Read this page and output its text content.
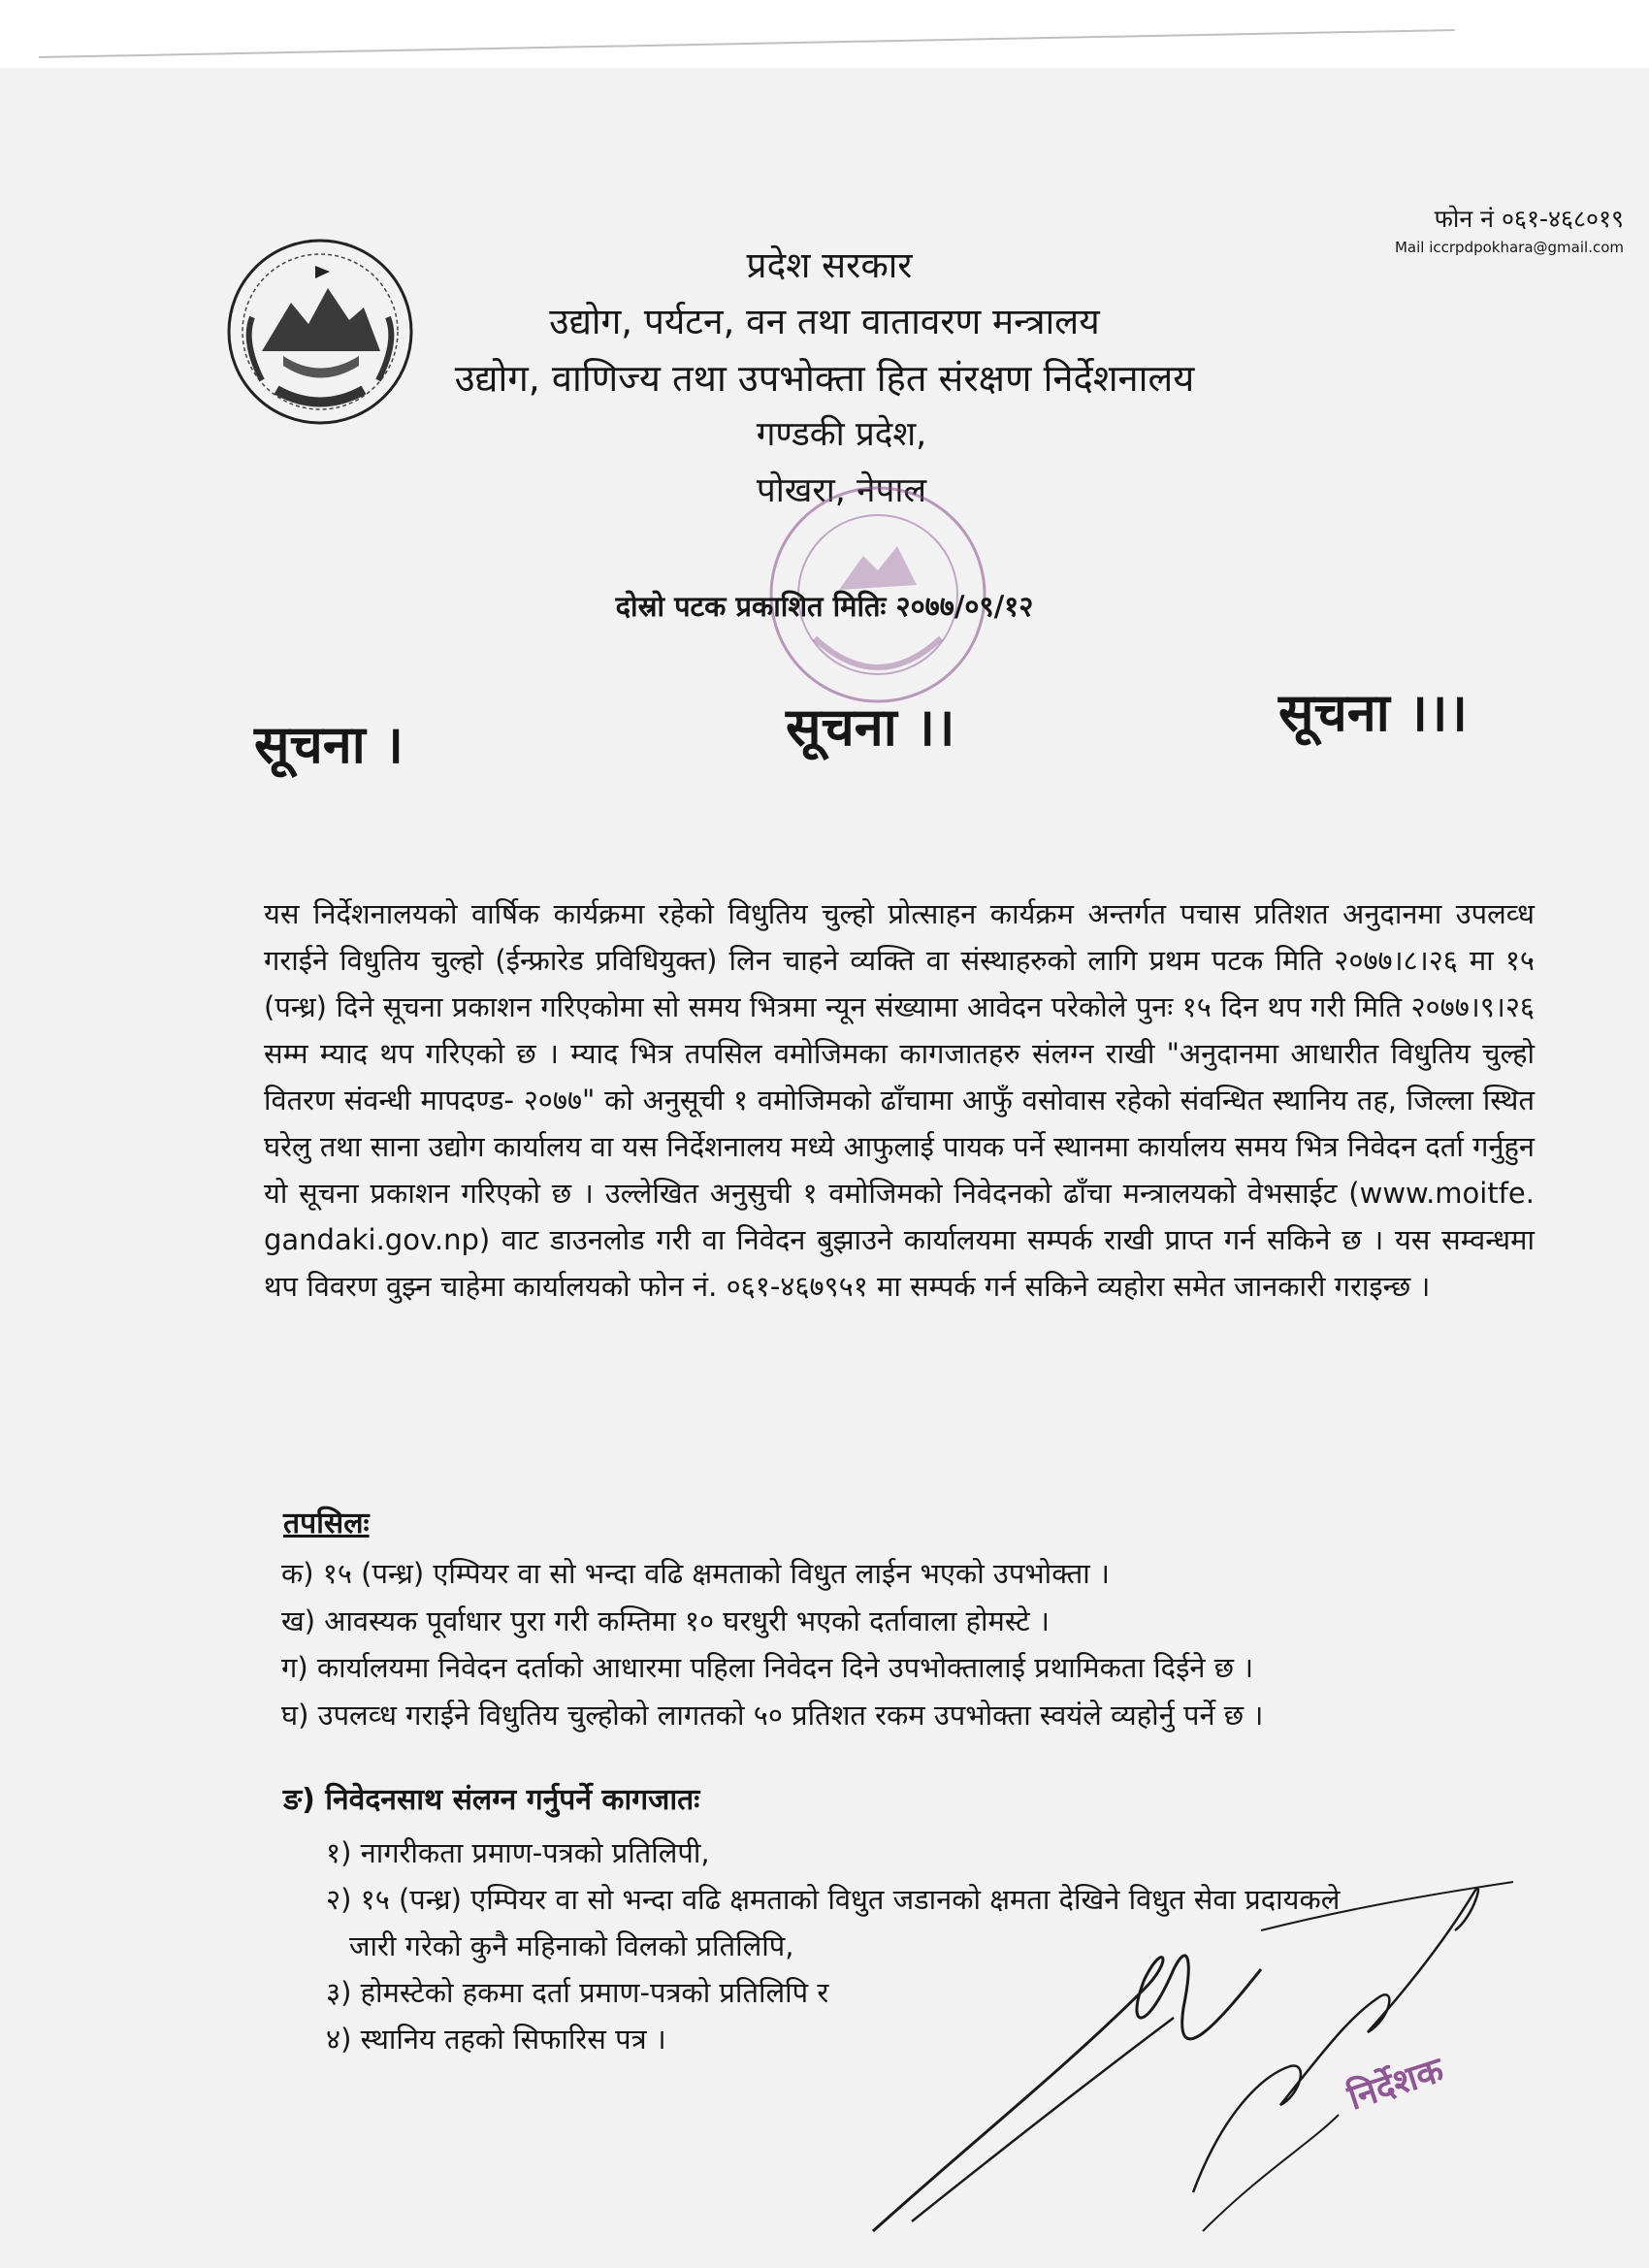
फोन नं ०६१-४६८०१९
Mail iccrpdpokhara@gmail.com
प्रदेश सरकार
उद्योग, पर्यटन, वन तथा वातावरण मन्त्रालय
उद्योग, वाणिज्य तथा उपभोक्ता हित संरक्षण निर्देशनालय
गण्डकी प्रदेश,
पोखरा, नेपाल
दोस्रो पटक प्रकाशित मितिः २०७७/०९/१२
सूचना ।	सूचना ।।	सूचना ।।।
यस निर्देशनालयको वार्षिक कार्यक्रमा रहेको विधुतिय चुल्हो प्रोत्साहन कार्यक्रम अन्तर्गत पचास प्रतिशत अनुदानमा उपलव्ध गराईने विधुतिय चुल्हो (ईन्फ्रारेड प्रविधियुक्त) लिन चाहने व्यक्ति वा संस्थाहरुको लागि प्रथम पटक मिति २०७७।८।२६ मा १५ (पन्ध्र) दिने सूचना प्रकाशन गरिएकोमा सो समय भित्रमा न्यून संख्यामा आवेदन परेकोले पुनः १५ दिन थप गरी मिति २०७७।९।२६ सम्म म्याद थप गरिएको छ । म्याद भित्र तपसिल वमोजिमका कागजातहरु संलग्न राखी "अनुदानमा आधारीत विधुतिय चुल्हो वितरण संवन्धी मापदण्ड- २०७७" को अनुसूची १ वमोजिमको ढाँचामा आफुँ वसोवास रहेको संवन्धित स्थानिय तह, जिल्ला स्थित घरेलु तथा साना उद्योग कार्यालय वा यस निर्देशनालय मध्ये आफुलाई पायक पर्ने स्थानमा कार्यालय समय भित्र निवेदन दर्ता गर्नुहुन यो सूचना प्रकाशन गरिएको छ । उल्लेखित अनुसुची १ वमोजिमको निवेदनको ढाँचा मन्त्रालयको वेभसाईट (www.moitfe. gandaki.gov.np) वाट डाउनलोड गरी वा निवेदन बुझाउने कार्यालयमा सम्पर्क राखी प्राप्त गर्न सकिने छ । यस सम्वन्धमा थप विवरण वुझ्न चाहेमा कार्यालयको फोन नं. ०६१-४६७९५१ मा सम्पर्क गर्न सकिने व्यहोरा समेत जानकारी गराइन्छ ।
तपसिलः
क) १५ (पन्ध्र) एम्पियर वा सो भन्दा वढि क्षमताको विधुत लाईन भएको उपभोक्ता ।
ख) आवस्यक पूर्वाधार पुरा गरी कम्तिमा १० घरधुरी भएको दर्तावाला होमस्टे ।
ग) कार्यालयमा निवेदन दर्ताको आधारमा पहिला निवेदन दिने उपभोक्तालाई प्रथामिकता दिईने छ ।
घ) उपलव्ध गराईने विधुतिय चुल्होको लागतको ५० प्रतिशत रकम उपभोक्ता स्वयंले व्यहोर्नु पर्ने छ ।
ङ) निवेदनसाथ संलग्न गर्नुपर्ने कागजातः
१) नागरीकता प्रमाण-पत्रको प्रतिलिपी,
२) १५ (पन्ध्र) एम्पियर वा सो भन्दा वढि क्षमताको विधुत जडानको क्षमता देखिने विधुत सेवा प्रदायकले
जारी गरेको कुनै महिनाको विलको प्रतिलिपि,
३) होमस्टेको हकमा दर्ता प्रमाण-पत्रको प्रतिलिपि र
४) स्थानिय तहको सिफारिस पत्र ।
निर्देशक
